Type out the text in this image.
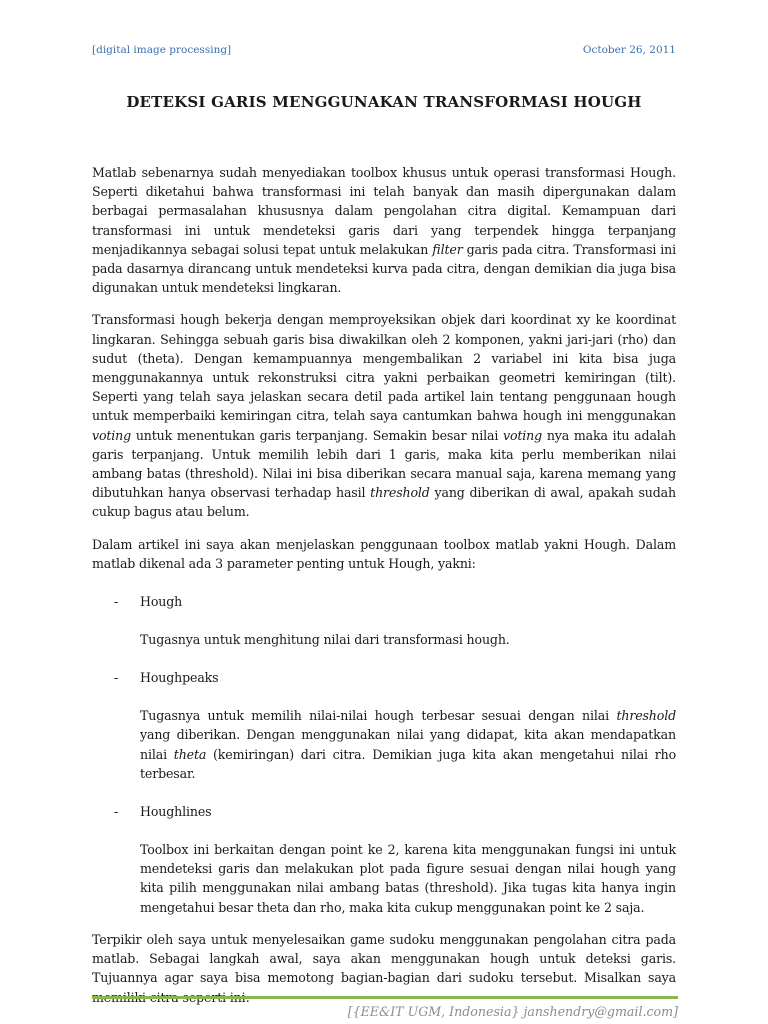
[digital image processing]	October 26, 2011
DETEKSI GARIS MENGGUNAKAN TRANSFORMASI HOUGH

Matlab sebenarnya sudah menyediakan toolbox khusus untuk operasi transformasi Hough. Seperti diketahui bahwa transformasi ini telah banyak dan masih dipergunakan dalam berbagai permasalahan khususnya dalam pengolahan citra digital. Kemampuan dari transformasi ini untuk mendeteksi garis dari yang terpendek hingga terpanjang menjadikannya sebagai solusi tepat untuk melakukan filter garis pada citra. Transformasi ini pada dasarnya dirancang untuk mendeteksi kurva pada citra, dengan demikian dia juga bisa digunakan untuk mendeteksi lingkaran.

Transformasi hough bekerja dengan memproyeksikan objek dari koordinat xy ke koordinat lingkaran. Sehingga sebuah garis bisa diwakilkan oleh 2 komponen, yakni jari-jari (rho) dan sudut (theta). Dengan kemampuannya mengembalikan 2 variabel ini kita bisa juga menggunakannya untuk rekonstruksi citra yakni perbaikan geometri kemiringan (tilt). Seperti yang telah saya jelaskan secara detil pada artikel lain tentang penggunaan hough untuk memperbaiki kemiringan citra, telah saya cantumkan bahwa hough ini menggunakan voting untuk menentukan garis terpanjang. Semakin besar nilai voting nya maka itu adalah garis terpanjang. Untuk memilih lebih dari 1 garis, maka kita perlu memberikan nilai ambang batas (threshold). Nilai ini bisa diberikan secara manual saja, karena memang yang dibutuhkan hanya observasi terhadap hasil threshold yang diberikan di awal, apakah sudah cukup bagus atau belum.

Dalam artikel ini saya akan menjelaskan penggunaan toolbox matlab yakni Hough. Dalam matlab dikenal ada 3 parameter penting untuk Hough, yakni:

- Hough
Tugasnya untuk menghitung nilai dari transformasi hough.
- Houghpeaks
Tugasnya untuk memilih nilai-nilai hough terbesar sesuai dengan nilai threshold yang diberikan. Dengan menggunakan nilai yang didapat, kita akan mendapatkan nilai theta (kemiringan) dari citra. Demikian juga kita akan mengetahui nilai rho terbesar.
- Houghlines
Toolbox ini berkaitan dengan point ke 2, karena kita menggunakan fungsi ini untuk mendeteksi garis dan melakukan plot pada figure sesuai dengan nilai hough yang kita pilih menggunakan nilai ambang batas (threshold). Jika tugas kita hanya ingin mengetahui besar theta dan rho, maka kita cukup menggunakan point ke 2 saja.

Terpikir oleh saya untuk menyelesaikan game sudoku menggunakan pengolahan citra pada matlab. Sebagai langkah awal, saya akan menggunakan hough untuk deteksi garis. Tujuannya agar saya bisa memotong bagian-bagian dari sudoku tersebut. Misalkan saya

[{EE&IT UGM, Indonesia} janshendry@gmail.com]
